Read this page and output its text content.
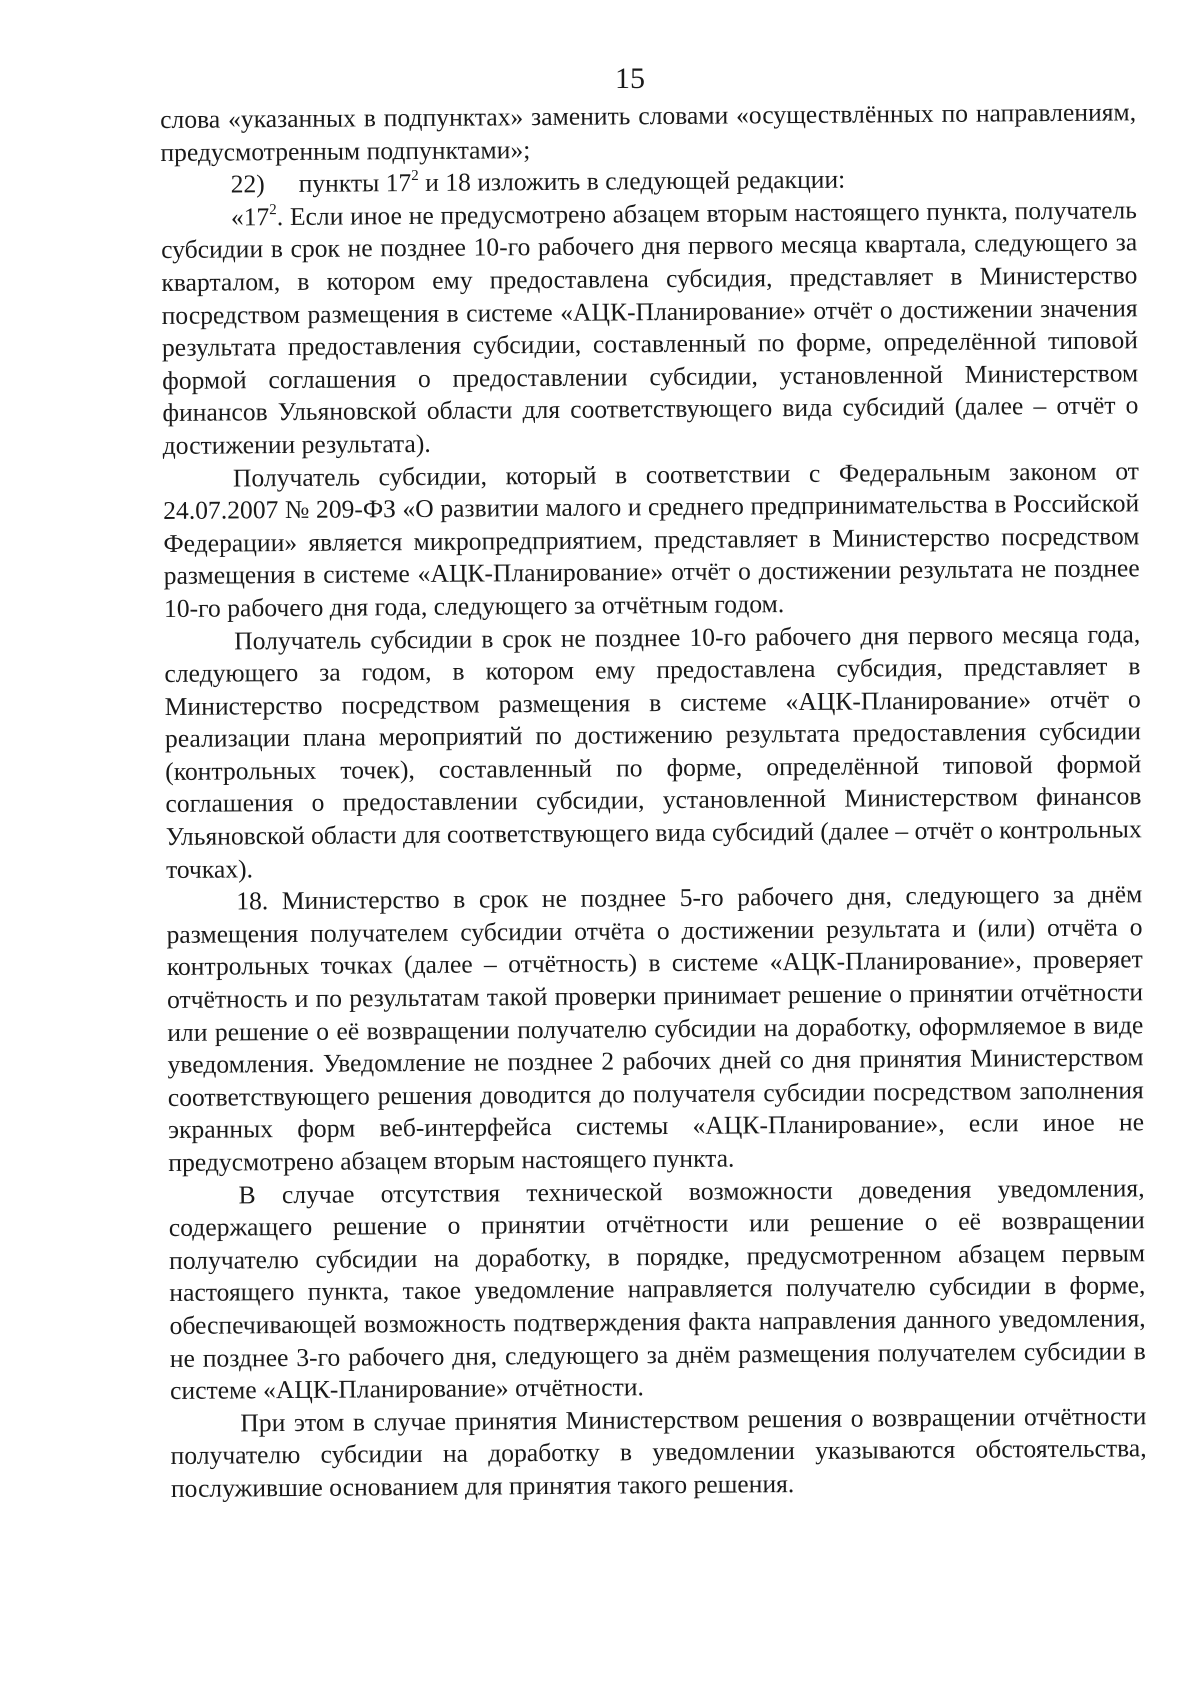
15

слова «указанных в подпунктах» заменить словами «осуществлённых по направлениям, предусмотренным подпунктами»;

22) пункты $17^2$ и 18 изложить в следующей редакции:

«$17^2$. Если иное не предусмотрено абзацем вторым настоящего пункта, получатель субсидии в срок не позднее 10-го рабочего дня первого месяца квартала, следующего за кварталом, в котором ему предоставлена субсидия, представляет в Министерство посредством размещения в системе «АЦК-Планирование» отчёт о достижении значения результата предоставления субсидии, составленный по форме, определённой типовой формой соглашения о предоставлении субсидии, установленной Министерством финансов Ульяновской области для соответствующего вида субсидий (далее – отчёт о достижении результата).

Получатель субсидии, который в соответствии с Федеральным законом от 24.07.2007 № 209-ФЗ «О развитии малого и среднего предпринимательства в Российской Федерации» является микропредприятием, представляет в Министерство посредством размещения в системе «АЦК-Планирование» отчёт о достижении результата не позднее 10-го рабочего дня года, следующего за отчётным годом.

Получатель субсидии в срок не позднее 10-го рабочего дня первого месяца года, следующего за годом, в котором ему предоставлена субсидия, представляет в Министерство посредством размещения в системе «АЦК-Планирование» отчёт о реализации плана мероприятий по достижению результата предоставления субсидии (контрольных точек), составленный по форме, определённой типовой формой соглашения о предоставлении субсидии, установленной Министерством финансов Ульяновской области для соответствующего вида субсидий (далее – отчёт о контрольных точках).

18. Министерство в срок не позднее 5-го рабочего дня, следующего за днём размещения получателем субсидии отчёта о достижении результата и (или) отчёта о контрольных точках (далее – отчётность) в системе «АЦК-Планирование», проверяет отчётность и по результатам такой проверки принимает решение о принятии отчётности или решение о её возвращении получателю субсидии на доработку, оформляемое в виде уведомления. Уведомление не позднее 2 рабочих дней со дня принятия Министерством соответствующего решения доводится до получателя субсидии посредством заполнения экранных форм веб-интерфейса системы «АЦК-Планирование», если иное не предусмотрено абзацем вторым настоящего пункта.

В случае отсутствия технической возможности доведения уведомления, содержащего решение о принятии отчётности или решение о её возвращении получателю субсидии на доработку, в порядке, предусмотренном абзацем первым настоящего пункта, такое уведомление направляется получателю субсидии в форме, обеспечивающей возможность подтверждения факта направления данного уведомления, не позднее 3-го рабочего дня, следующего за днём размещения получателем субсидии в системе «АЦК-Планирование» отчётности.

При этом в случае принятия Министерством решения о возвращении отчётности получателю субсидии на доработку в уведомлении указываются обстоятельства, послужившие основанием для принятия такого решения.
